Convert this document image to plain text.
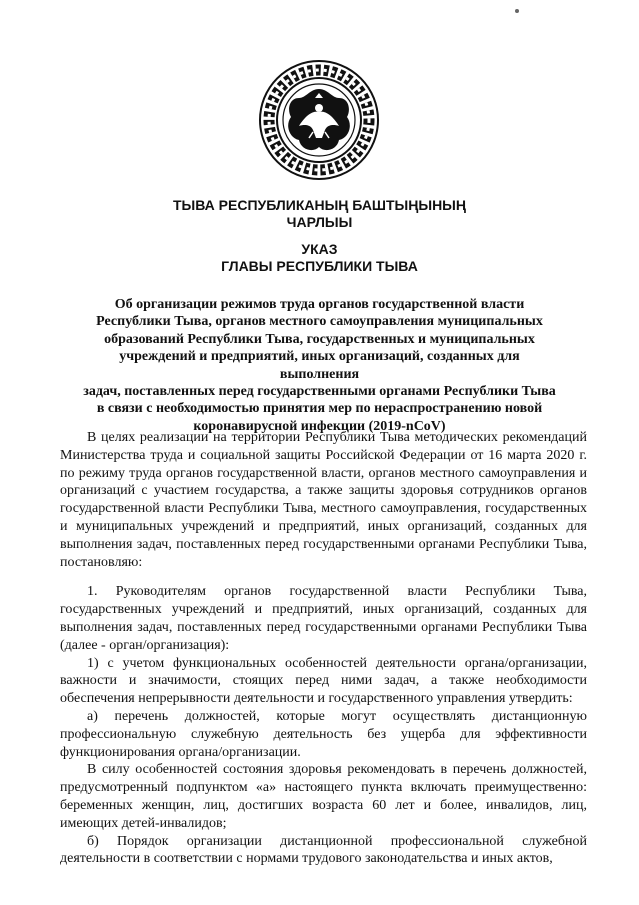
ТЫВА РЕСПУБЛИКАНЫҢ БАШТЫҢЫНЫҢ

ЧАРЛЫЫ

УКАЗ

ГЛАВЫ РЕСПУБЛИКИ ТЫВА

Об организации режимов труда органов государственной власти
Республики Тыва, органов местного самоуправления муниципальных
образований Республики Тыва, государственных и муниципальных
учреждений и предприятий, иных организаций, созданных для выполнения
задач, поставленных перед государственными органами Республики Тыва
в связи с необходимостью принятия мер по нераспространению новой
коронавирусной инфекции (2019-nCoV)

В целях реализации на территории Республики Тыва методических рекомендаций Министерства труда и социальной защиты Российской Федерации от 16 марта 2020 г. по режиму труда органов государственной власти, органов местного самоуправления и организаций с участием государства, а также защиты здоровья сотрудников органов государственной власти Республики Тыва, местного самоуправления, государственных и муниципальных учреждений и предприятий, иных организаций, созданных для выполнения задач, поставленных перед государственными органами Республики Тыва, постановляю:

1. Руководителям органов государственной власти Республики Тыва, государственных учреждений и предприятий, иных организаций, созданных для выполнения задач, поставленных перед государственными органами Республики Тыва (далее - орган/организация):

1) с учетом функциональных особенностей деятельности органа/организации, важности и значимости, стоящих перед ними задач, а также необходимости обеспечения непрерывности деятельности и государственного управления утвердить:

а) перечень должностей, которые могут осуществлять дистанционную профессиональную служебную деятельность без ущерба для эффективности функционирования органа/организации.

В силу особенностей состояния здоровья рекомендовать в перечень должностей, предусмотренный подпунктом «а» настоящего пункта включать преимущественно: беременных женщин, лиц, достигших возраста 60 лет и более, инвалидов, лиц, имеющих детей-инвалидов;

б) Порядок организации дистанционной профессиональной служебной деятельности в соответствии с нормами трудового законодательства и иных актов,
